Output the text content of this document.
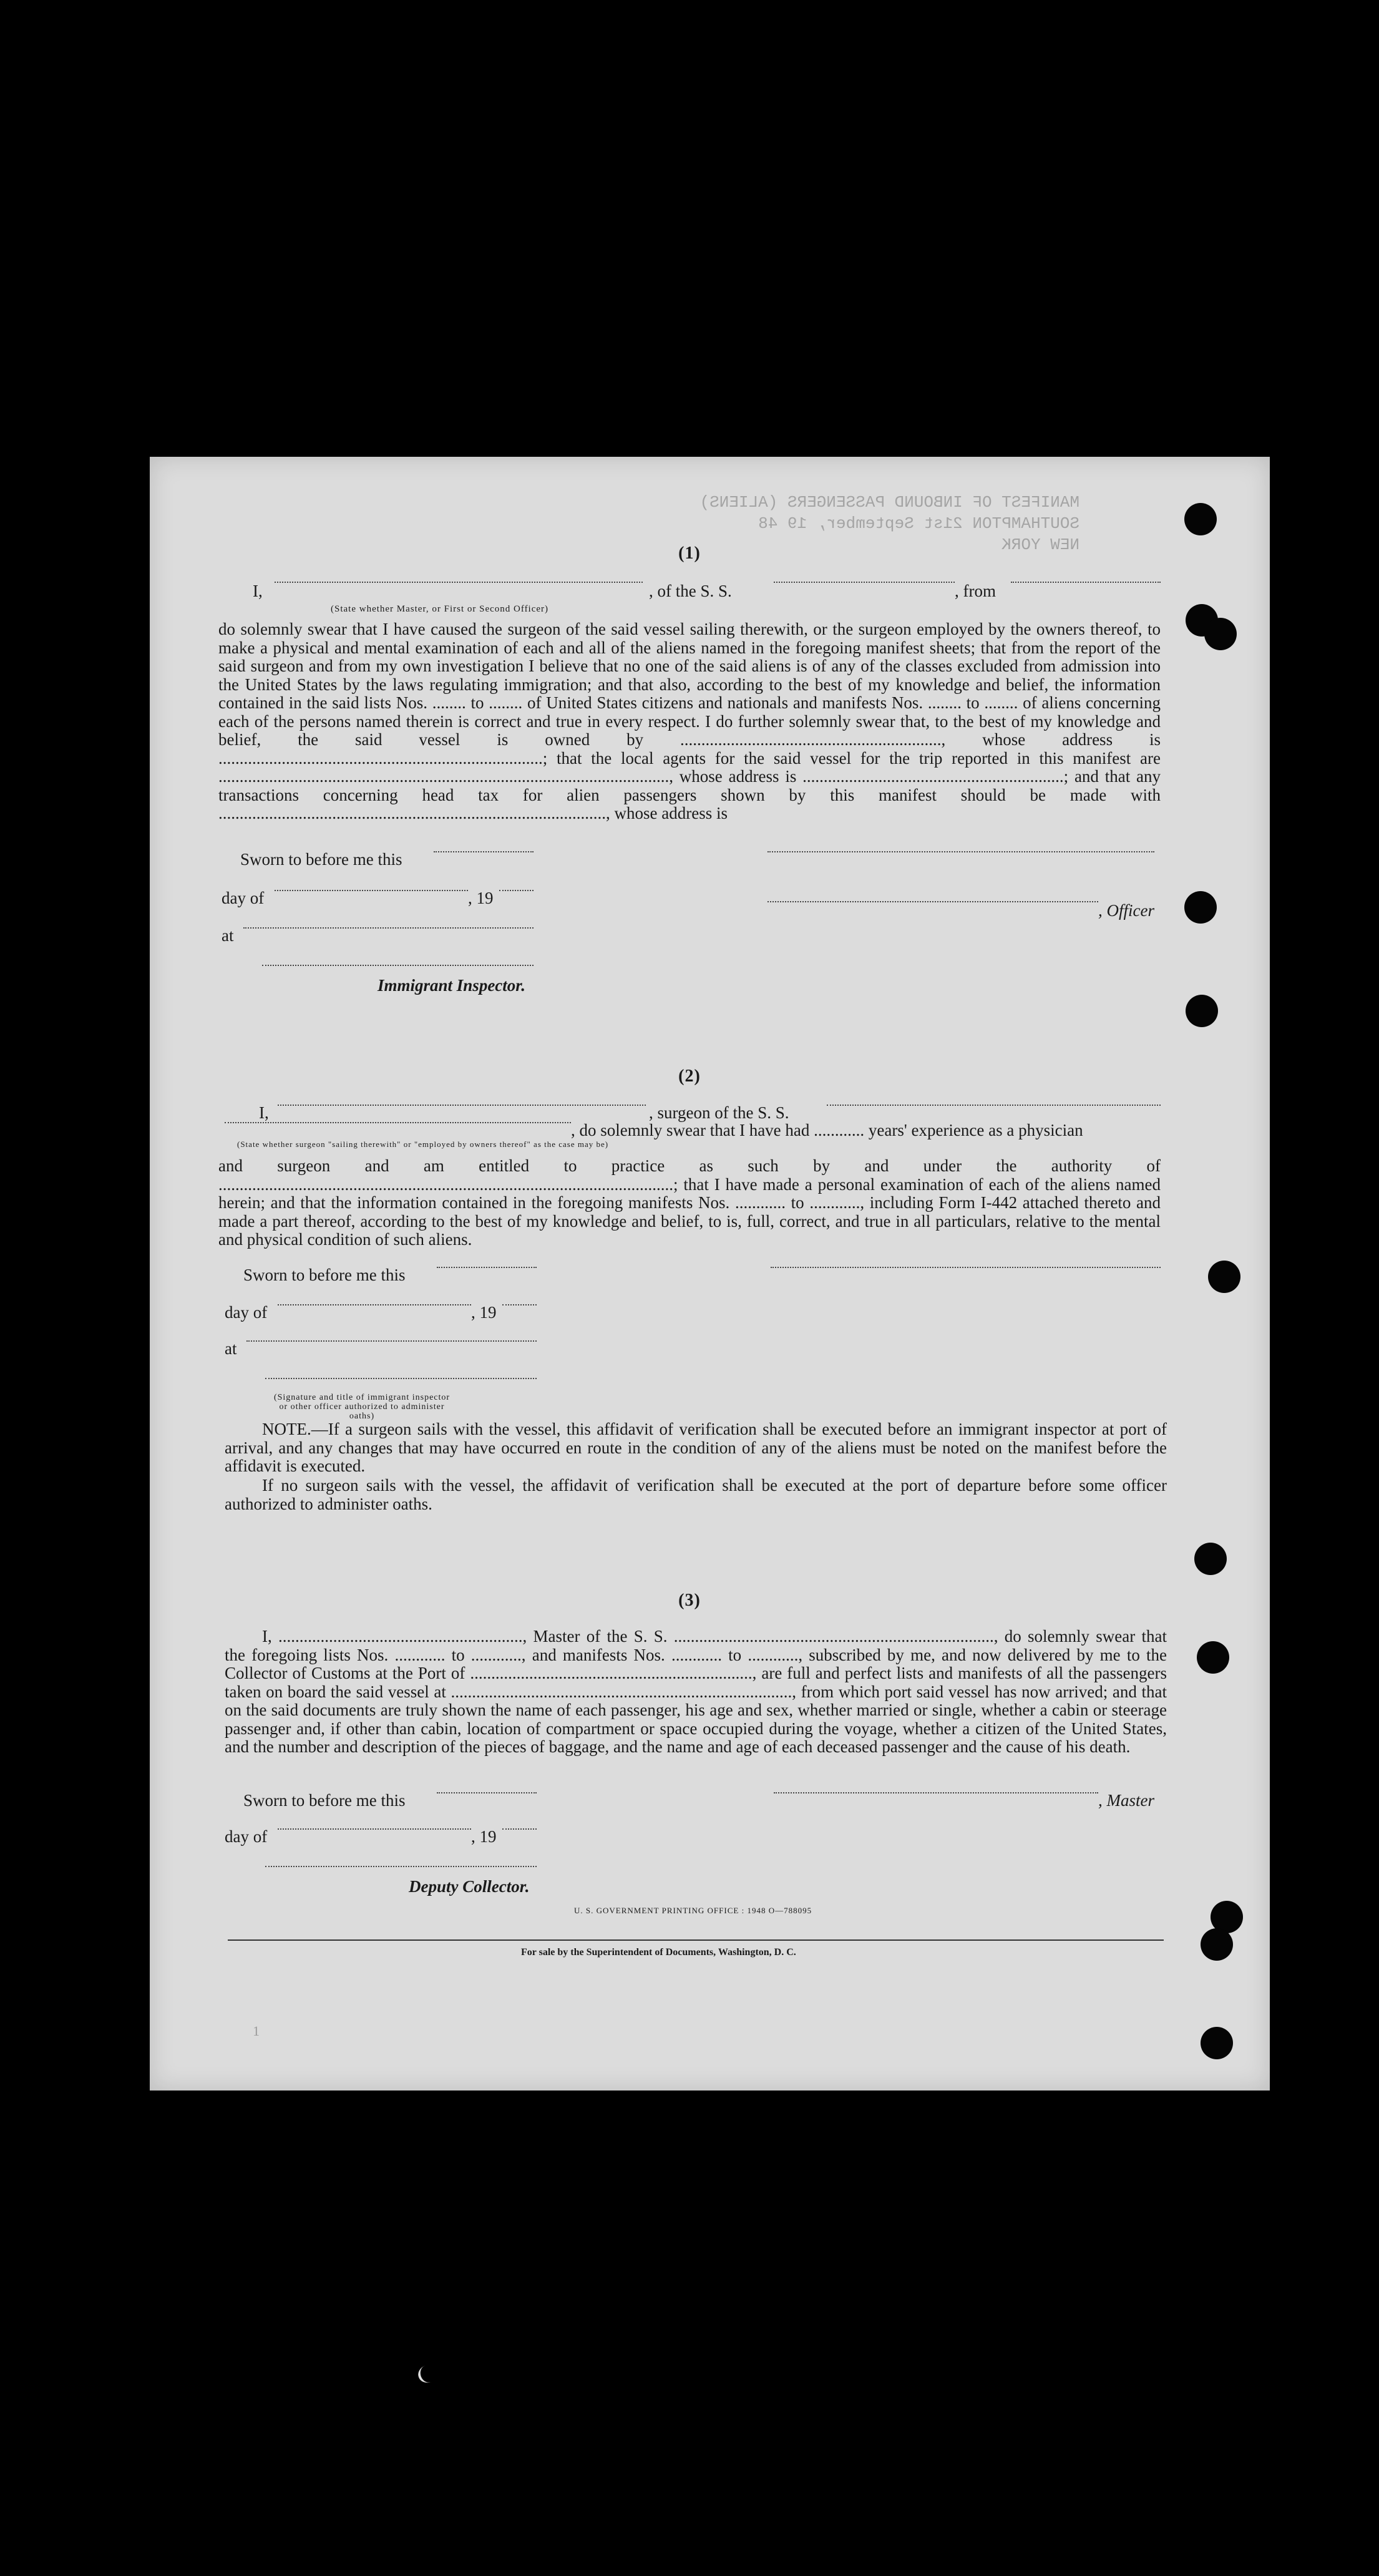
MANIFEST OF INBOUND PASSENGERS (ALIENS)
SOUTHAMPTON 21st September, 19 48
NEW YORK
(1)
I,	, of the S. S.	, from
(State whether Master, or First or Second Officer)
do solemnly swear that I have caused the surgeon of the said vessel sailing therewith, or the surgeon employed by the owners thereof, to make a physical and mental examination of each and all of the aliens named in the foregoing manifest sheets; that from the report of the said surgeon and from my own investigation I believe that no one of the said aliens is of any of the classes excluded from admission into the United States by the laws regulating immigration; and that also, according to the best of my knowledge and belief, the information contained in the said lists Nos. ........ to ........ of United States citizens and nationals and manifests Nos. ........ to ........ of aliens concerning each of the persons named therein is correct and true in every respect. I do further solemnly swear that, to the best of my knowledge and belief, the said vessel is owned by .............................................................., whose address is .............................................................................; that the local agents for the said vessel for the trip reported in this manifest are ..........................................................................................................., whose address is ..............................................................; and that any transactions concerning head tax for alien passengers shown by this manifest should be made with ............................................................................................, whose address is
Sworn to before me this
day of	, 19
, Officer
at
Immigrant Inspector.
(2)
I,	, surgeon of the S. S.
, do solemnly swear that I have had ............ years' experience as a physician
(State whether surgeon "sailing therewith" or "employed by owners thereof" as the case may be)
and surgeon and am entitled to practice as such by and under the authority of ............................................................................................................; that I have made a personal examination of each of the aliens named herein; and that the information contained in the foregoing manifests Nos. ............ to ............, including Form I-442 attached thereto and made a part thereof, according to the best of my knowledge and belief, to is, full, correct, and true in all particulars, relative to the mental and physical condition of such aliens.
Sworn to before me this
day of	, 19
at
(Signature and title of immigrant inspector or other officer authorized to administer oaths)
NOTE.—If a surgeon sails with the vessel, this affidavit of verification shall be executed before an immigrant inspector at port of arrival, and any changes that may have occurred en route in the condition of any of the aliens must be noted on the manifest before the affidavit is executed.
If no surgeon sails with the vessel, the affidavit of verification shall be executed at the port of departure before some officer authorized to administer oaths.
(3)
I, .........................................................., Master of the S. S. ............................................................................, do solemnly swear that the foregoing lists Nos. ............ to ............, and manifests Nos. ............ to ............, subscribed by me, and now delivered by me to the Collector of Customs at the Port of ..................................................................., are full and perfect lists and manifests of all the passengers taken on board the said vessel at ................................................................................., from which port said vessel has now arrived; and that on the said documents are truly shown the name of each passenger, his age and sex, whether married or single, whether a cabin or steerage passenger and, if other than cabin, location of compartment or space occupied during the voyage, whether a citizen of the United States, and the number and description of the pieces of baggage, and the name and age of each deceased passenger and the cause of his death.
Sworn to before me this	, Master
day of	, 19
Deputy Collector.
U. S. GOVERNMENT PRINTING OFFICE : 1948 O—788095
For sale by the Superintendent of Documents, Washington, D. C.
1
